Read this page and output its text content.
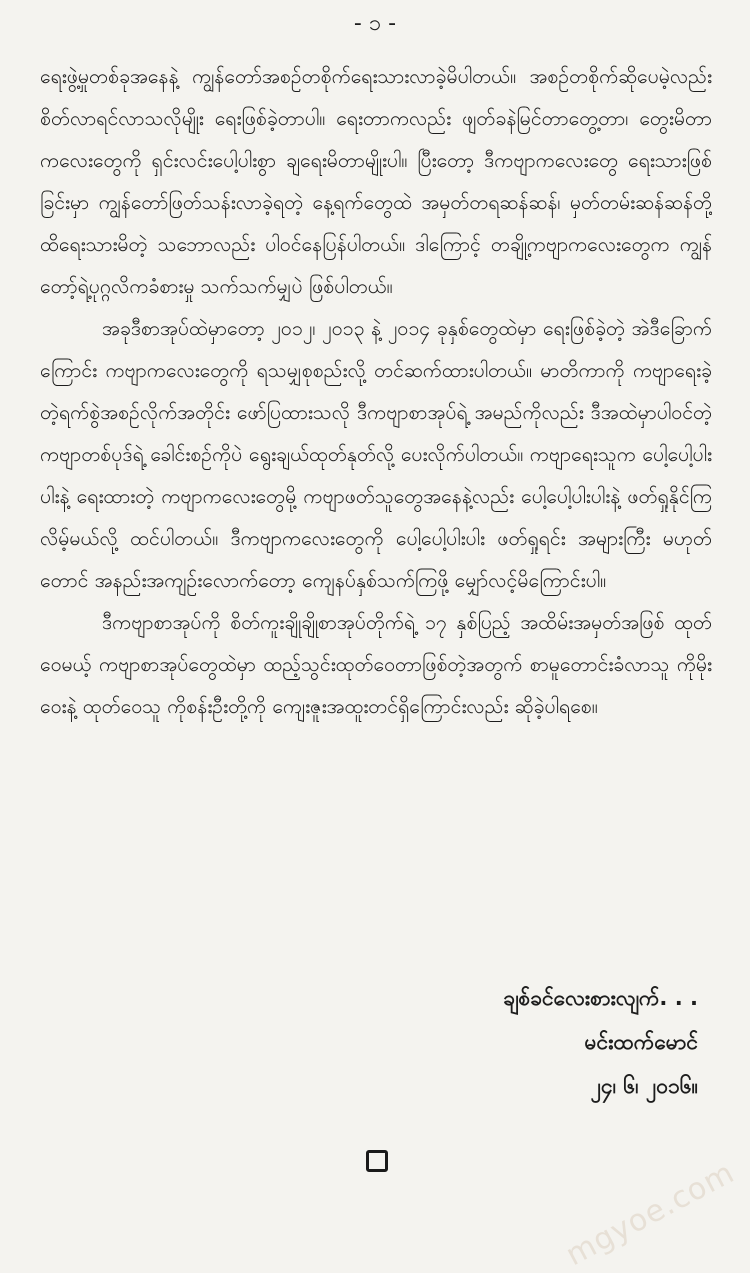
- ၁ -

ရေးဖွဲ့မှုတစ်ခုအနေနဲ့ ကျွန်တော်အစဉ်တစိုက်ရေးသားလာခဲ့မိပါတယ်။ အစဉ်တစိုက်ဆိုပေမဲ့လည်း စိတ်လာရင်လာသလိုမျိုး ရေးဖြစ်ခဲ့တာပါ။ ရေးတာကလည်း ဖျတ်ခနဲမြင်တာတွေ့တာ၊ တွေးမိတာကလေးတွေကို ရှင်းလင်းပေါ့ပါးစွာ ချရေးမိတာမျိုးပါ။ ပြီးတော့ ဒီကဗျာကလေးတွေ ရေးသားဖြစ်ခြင်းမှာ ကျွန်တော်ဖြတ်သန်းလာခဲ့ရတဲ့ နေ့ရက်တွေထဲ အမှတ်တရဆန်ဆန်၊ မှတ်တမ်းဆန်ဆန်တို့ထိရေးသားမိတဲ့ သဘောလည်း ပါဝင်နေပြန်ပါတယ်။ ဒါကြောင့် တချို့ကဗျာကလေးတွေက ကျွန်တော့်ရဲ့ပုဂ္ဂလိကခံစားမှု သက်သက်မျှပဲ ဖြစ်ပါတယ်။

အခုဒီစာအုပ်ထဲမှာတော့ ၂၀၁၂၊ ၂၀၁၃ နဲ့ ၂၀၁၄ ခုနှစ်တွေထဲမှာ ရေးဖြစ်ခဲ့တဲ့ အဲဒီခြောက်ကြောင်း ကဗျာကလေးတွေကို ရသမျှစုစည်းလို့ တင်ဆက်ထားပါတယ်။ မာတိကာကို ကဗျာရေးခဲ့တဲ့ရက်စွဲအစဉ်လိုက်အတိုင်း ဖော်ပြထားသလို ဒီကဗျာစာအုပ်ရဲ့ အမည်ကိုလည်း ဒီအထဲမှာပါဝင်တဲ့ ကဗျာတစ်ပုဒ်ရဲ့ ခေါင်းစဉ်ကိုပဲ ရွေးချယ်ထုတ်နုတ်လို့ ပေးလိုက်ပါတယ်။ ကဗျာရေးသူက ပေါ့ပေါ့ပါးပါးနဲ့ ရေးထားတဲ့ ကဗျာကလေးတွေမို့ ကဗျာဖတ်သူတွေအနေနဲ့လည်း ပေါ့ပေါ့ပါးပါးနဲ့ ဖတ်ရှုနိုင်ကြလိမ့်မယ်လို့ ထင်ပါတယ်။ ဒီကဗျာကလေးတွေကို ပေါ့ပေါ့ပါးပါး ဖတ်ရှုရင်း အများကြီး မဟုတ်တောင် အနည်းအကျဉ်းလောက်တော့ ကျေနပ်နှစ်သက်ကြဖို့ မျှော်လင့်မိကြောင်းပါ။

ဒီကဗျာစာအုပ်ကို စိတ်ကူးချိုချိုစာအုပ်တိုက်ရဲ့ ၁၇ နှစ်ပြည့် အထိမ်းအမှတ်အဖြစ် ထုတ်ဝေမယ့် ကဗျာစာအုပ်တွေထဲမှာ ထည့်သွင်းထုတ်ဝေတာဖြစ်တဲ့အတွက် စာမူတောင်းခံလာသူ ကိုမိုးဝေးနဲ့ ထုတ်ဝေသူ ကိုစန်းဦးတို့ကို ကျေးဇူးအထူးတင်ရှိကြောင်းလည်း ဆိုခဲ့ပါရစေ။

ချစ်ခင်လေးစားလျက်. . .
မင်းထက်မောင်
၂၄၊ ၆၊ ၂၀၁၆။
mgyoe.com
